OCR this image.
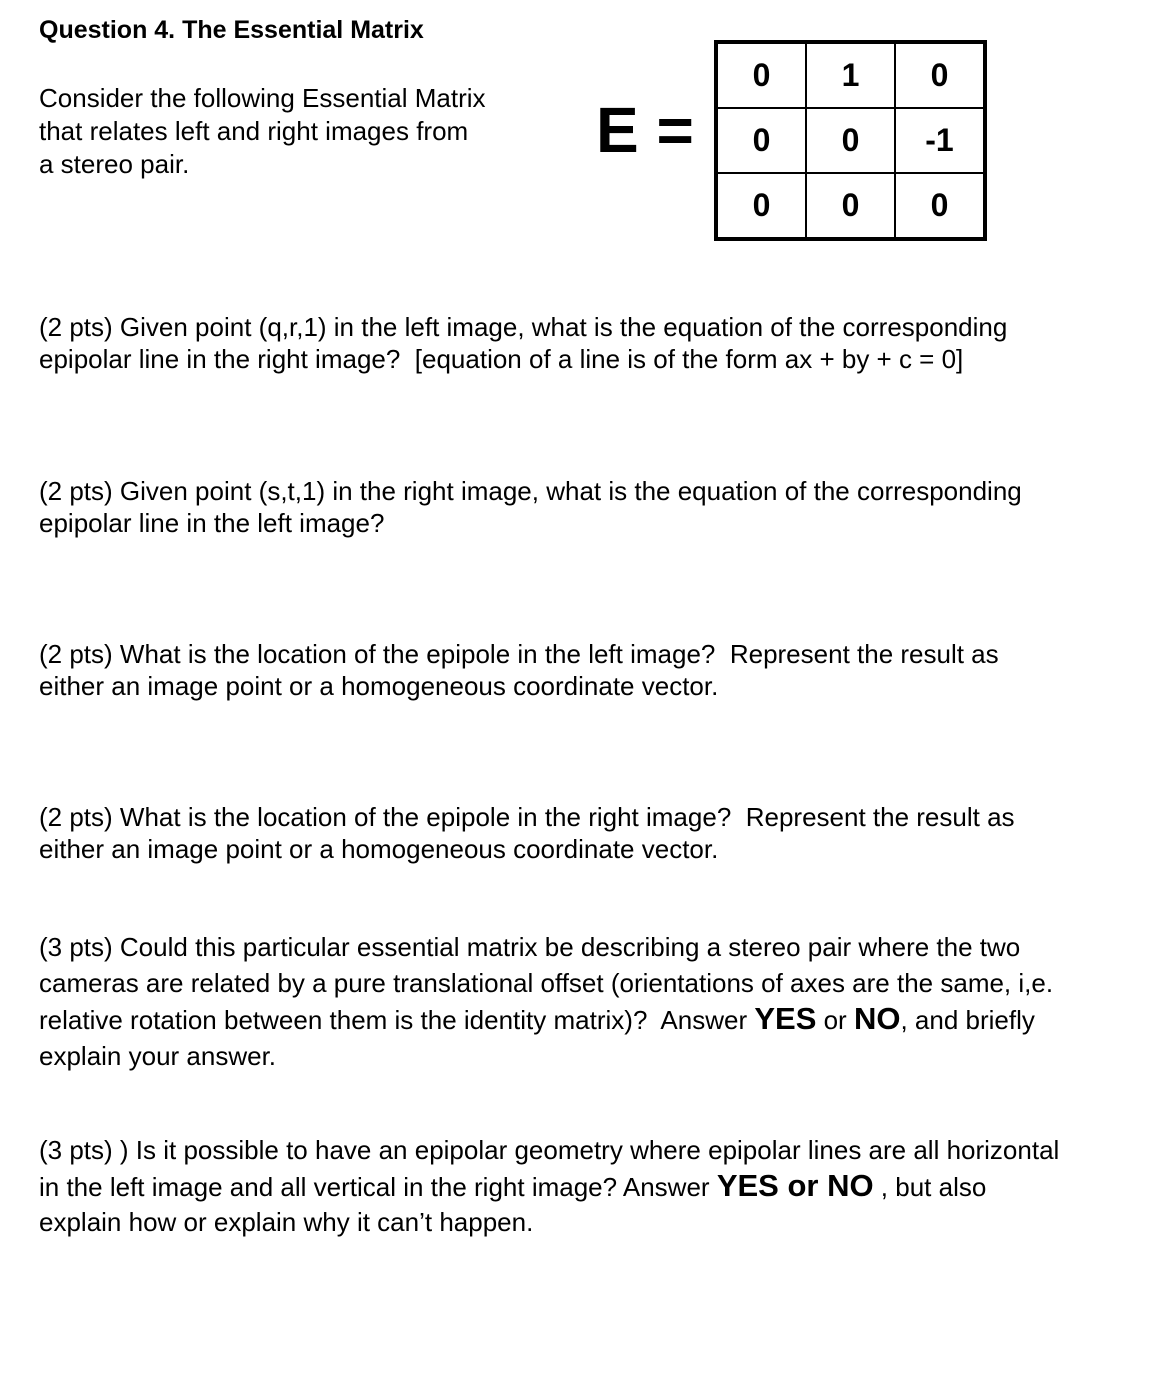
Question 4. The Essential Matrix
Consider the following Essential Matrix
that relates left and right images from
a stereo pair.	E =
0	1	0
0	0	-1
0	0	0
(2 pts) Given point (q,r,1) in the left image, what is the equation of the corresponding
epipolar line in the right image?  [equation of a line is of the form ax + by + c = 0]
(2 pts) Given point (s,t,1) in the right image, what is the equation of the corresponding
epipolar line in the left image?
(2 pts) What is the location of the epipole in the left image?  Represent the result as
either an image point or a homogeneous coordinate vector.
(2 pts) What is the location of the epipole in the right image?  Represent the result as
either an image point or a homogeneous coordinate vector.
(3 pts) Could this particular essential matrix be describing a stereo pair where the two
cameras are related by a pure translational offset (orientations of axes are the same, i,e.
relative rotation between them is the identity matrix)?  Answer YES or NO, and briefly
explain your answer.
(3 pts) ) Is it possible to have an epipolar geometry where epipolar lines are all horizontal
in the left image and all vertical in the right image? Answer YES or NO , but also
explain how or explain why it can’t happen.
